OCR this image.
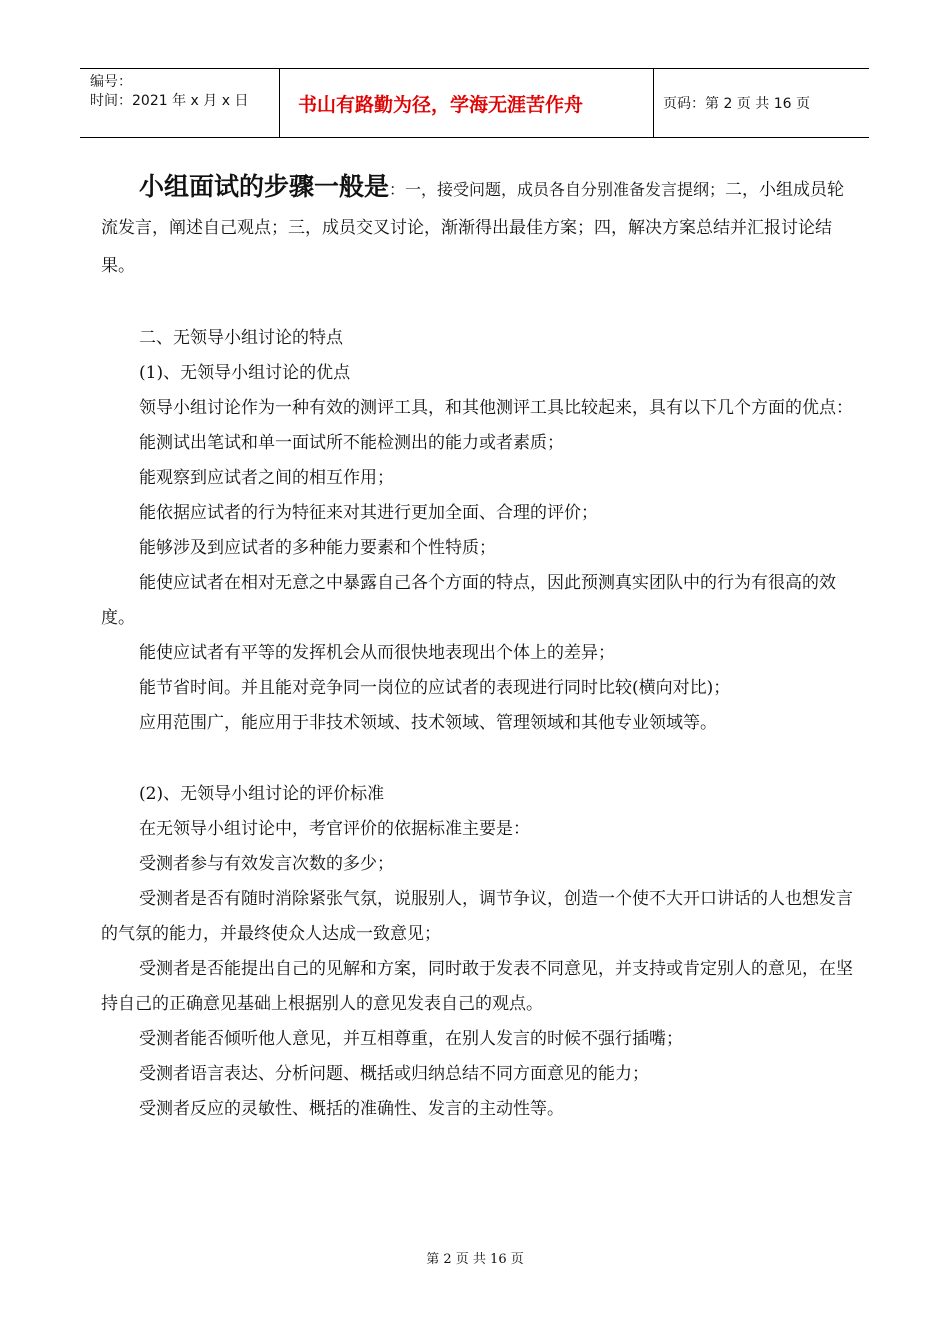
编号：
时间：2021 年 x 月 x 日	书山有路勤为径，学海无涯苦作舟	页码：第 2 页 共 16 页

小组面试的步骤一般是：一，接受问题，成员各自分别准备发言提纲；二，小组成员轮流发言，阐述自己观点；三，成员交叉讨论，渐渐得出最佳方案；四，解决方案总结并汇报讨论结果。

二、无领导小组讨论的特点

(1)、无领导小组讨论的优点

领导小组讨论作为一种有效的测评工具，和其他测评工具比较起来，具有以下几个方面的优点：

能测试出笔试和单一面试所不能检测出的能力或者素质；

能观察到应试者之间的相互作用；

能依据应试者的行为特征来对其进行更加全面、合理的评价；

能够涉及到应试者的多种能力要素和个性特质；

能使应试者在相对无意之中暴露自己各个方面的特点，因此预测真实团队中的行为有很高的效度。

能使应试者有平等的发挥机会从而很快地表现出个体上的差异；

能节省时间。并且能对竞争同一岗位的应试者的表现进行同时比较(横向对比)；

应用范围广，能应用于非技术领域、技术领域、管理领域和其他专业领域等。

(2)、无领导小组讨论的评价标准

在无领导小组讨论中，考官评价的依据标准主要是：

受测者参与有效发言次数的多少；

受测者是否有随时消除紧张气氛，说服别人，调节争议，创造一个使不大开口讲话的人也想发言的气氛的能力，并最终使众人达成一致意见；

受测者是否能提出自己的见解和方案，同时敢于发表不同意见，并支持或肯定别人的意见，在坚持自己的正确意见基础上根据别人的意见发表自己的观点。

受测者能否倾听他人意见，并互相尊重，在别人发言的时候不强行插嘴；

受测者语言表达、分析问题、概括或归纳总结不同方面意见的能力；

受测者反应的灵敏性、概括的准确性、发言的主动性等。

第 2 页 共 16 页
